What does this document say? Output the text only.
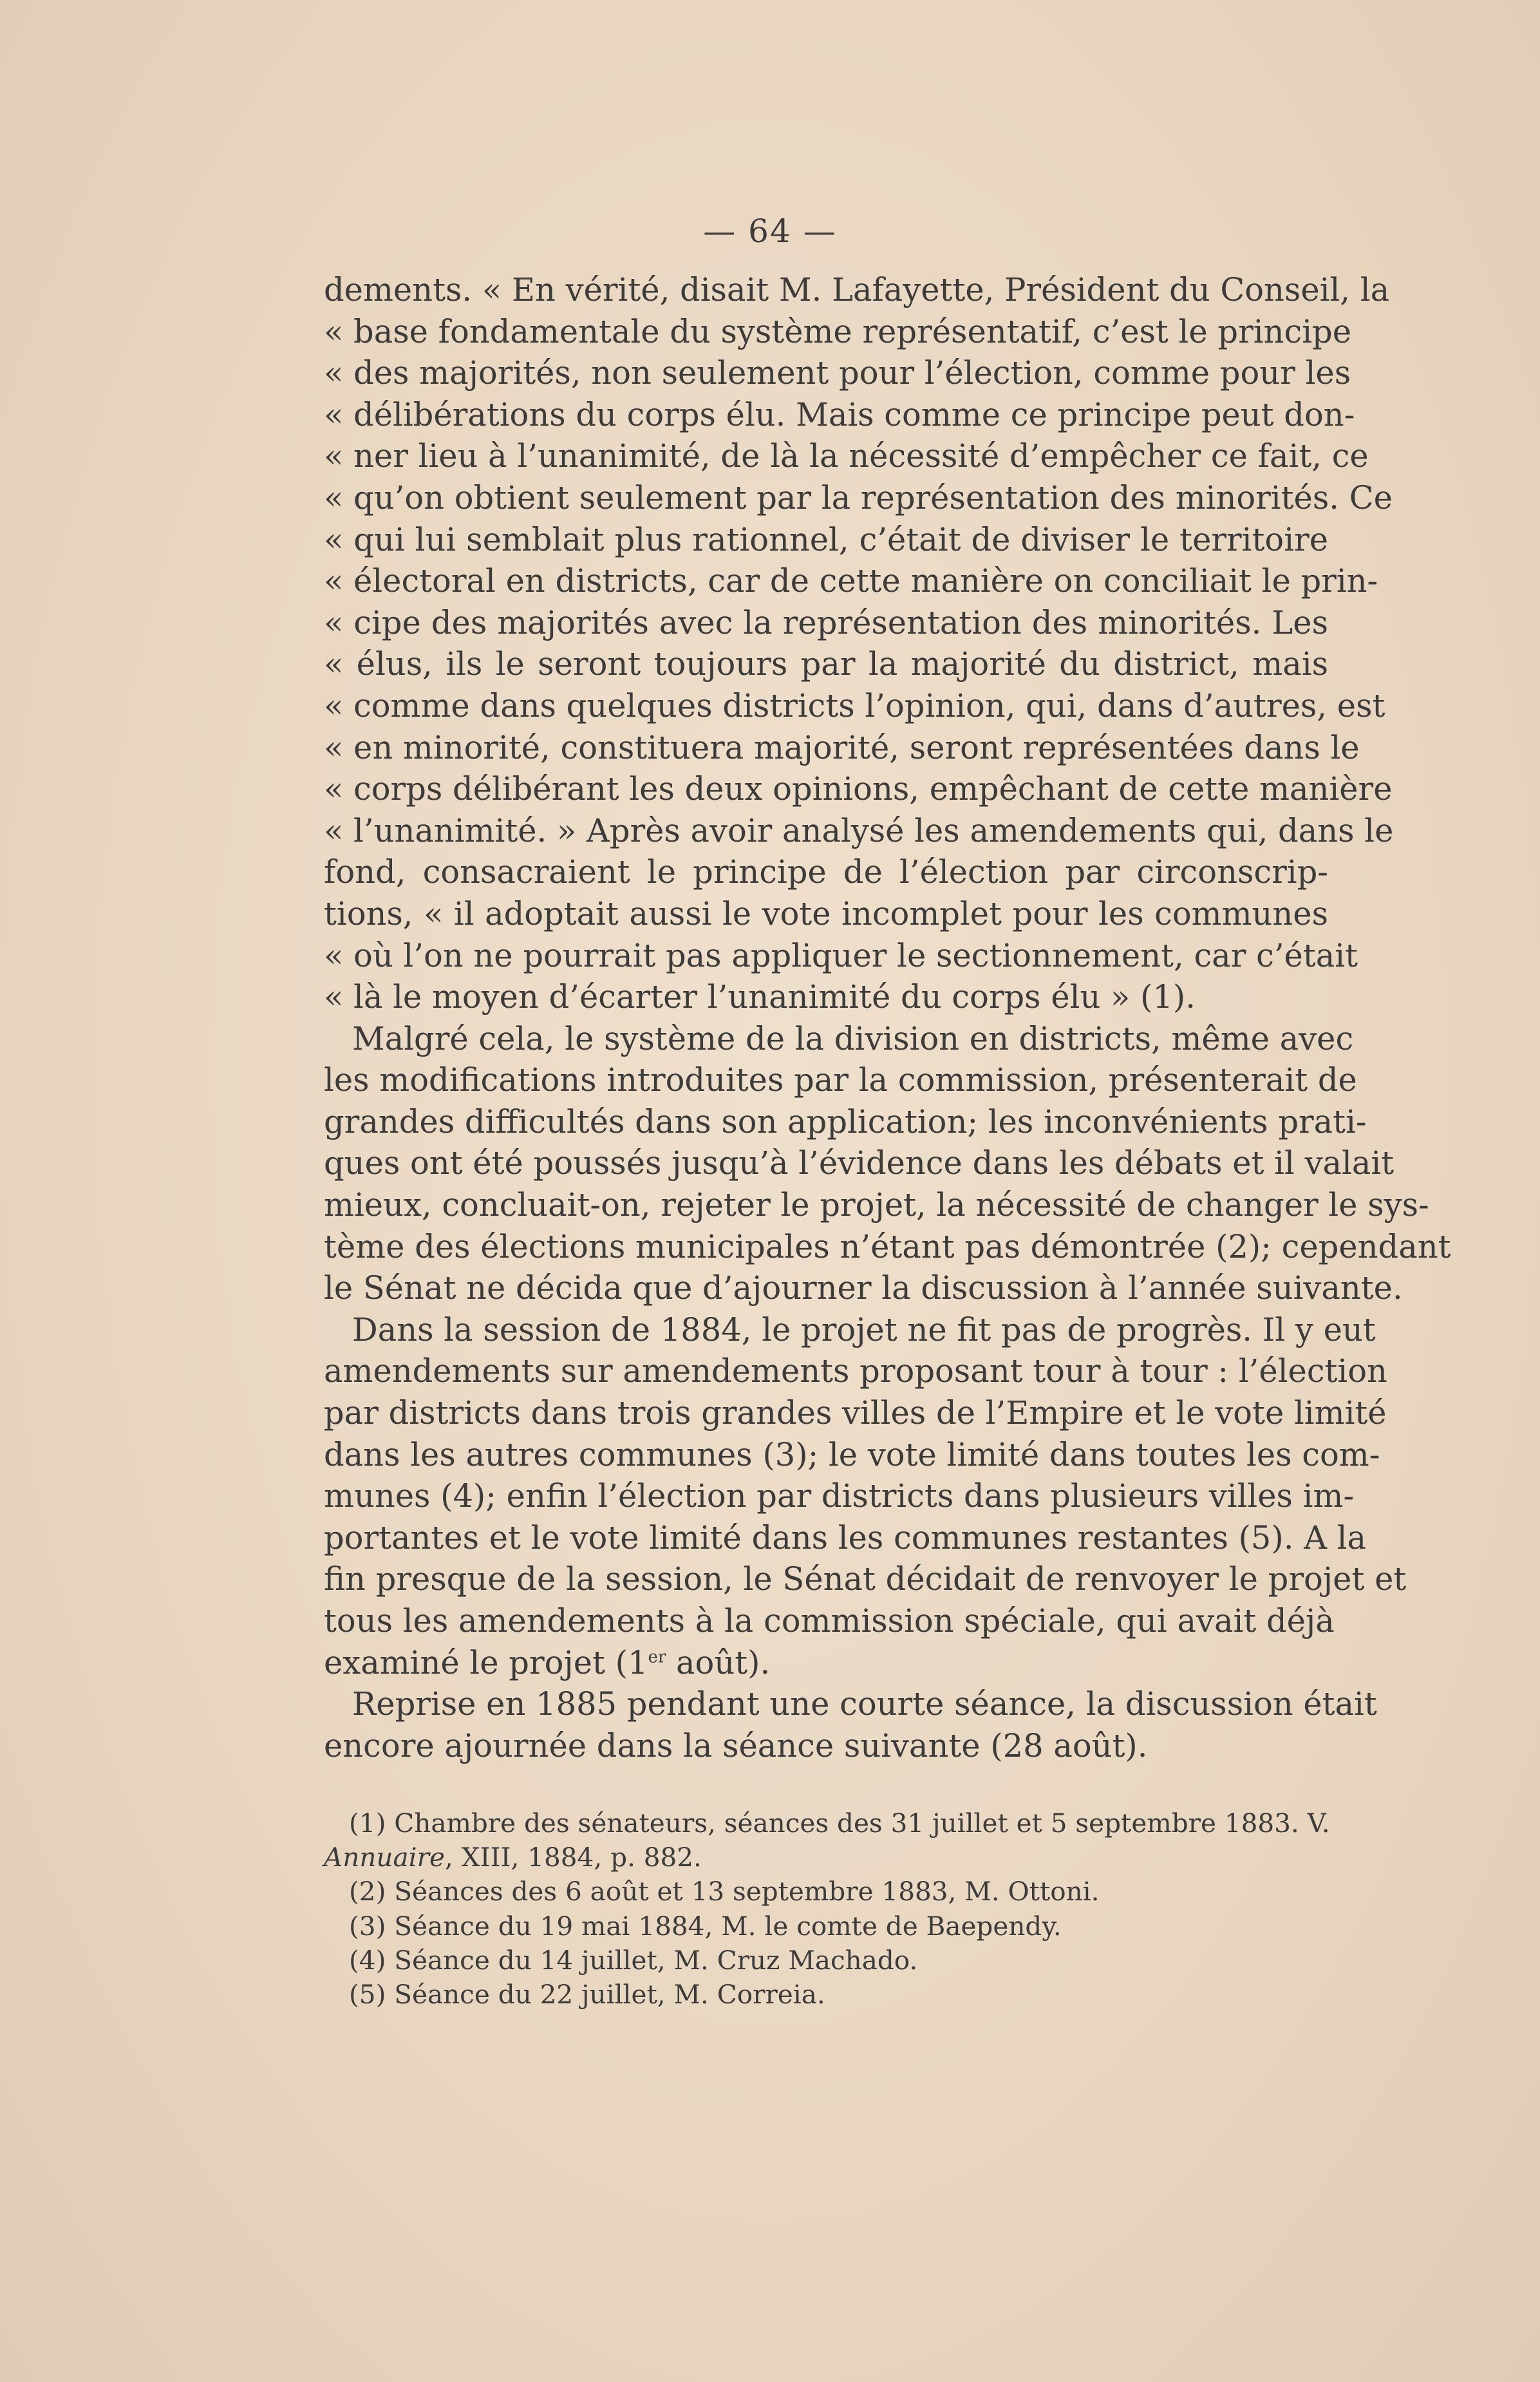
— 64 —
dements. « En vérité, disait M. Lafayette, Président du Conseil, la
« base fondamentale du système représentatif, c’est le principe
« des majorités, non seulement pour l’élection, comme pour les
« délibérations du corps élu. Mais comme ce principe peut don-
« ner lieu à l’unanimité, de là la nécessité d’empêcher ce fait, ce
« qu’on obtient seulement par la représentation des minorités. Ce
« qui lui semblait plus rationnel, c’était de diviser le territoire
« électoral en districts, car de cette manière on conciliait le prin-
« cipe des majorités avec la représentation des minorités. Les
« élus, ils le seront toujours par la majorité du district, mais
« comme dans quelques districts l’opinion, qui, dans d’autres, est
« en minorité, constituera majorité, seront représentées dans le
« corps délibérant les deux opinions, empêchant de cette manière
« l’unanimité. » Après avoir analysé les amendements qui, dans le
fond, consacraient le principe de l’élection par circonscrip-
tions, « il adoptait aussi le vote incomplet pour les communes
« où l’on ne pourrait pas appliquer le sectionnement, car c’était
« là le moyen d’écarter l’unanimité du corps élu » (1).
Malgré cela, le système de la division en districts, même avec
les modifications introduites par la commission, présenterait de
grandes difficultés dans son application; les inconvénients prati-
ques ont été poussés jusqu’à l’évidence dans les débats et il valait
mieux, concluait-on, rejeter le projet, la nécessité de changer le sys-
tème des élections municipales n’étant pas démontrée (2); cependant
le Sénat ne décida que d’ajourner la discussion à l’année suivante.
Dans la session de 1884, le projet ne fit pas de progrès. Il y eut
amendements sur amendements proposant tour à tour : l’élection
par districts dans trois grandes villes de l’Empire et le vote limité
dans les autres communes (3); le vote limité dans toutes les com-
munes (4); enfin l’élection par districts dans plusieurs villes im-
portantes et le vote limité dans les communes restantes (5). A la
fin presque de la session, le Sénat décidait de renvoyer le projet et
tous les amendements à la commission spéciale, qui avait déjà
examiné le projet (1er août).
Reprise en 1885 pendant une courte séance, la discussion était
encore ajournée dans la séance suivante (28 août).
(1) Chambre des sénateurs, séances des 31 juillet et 5 septembre 1883. V.
Annuaire, XIII, 1884, p. 882.
(2) Séances des 6 août et 13 septembre 1883, M. Ottoni.
(3) Séance du 19 mai 1884, M. le comte de Baependy.
(4) Séance du 14 juillet, M. Cruz Machado.
(5) Séance du 22 juillet, M. Correia.
